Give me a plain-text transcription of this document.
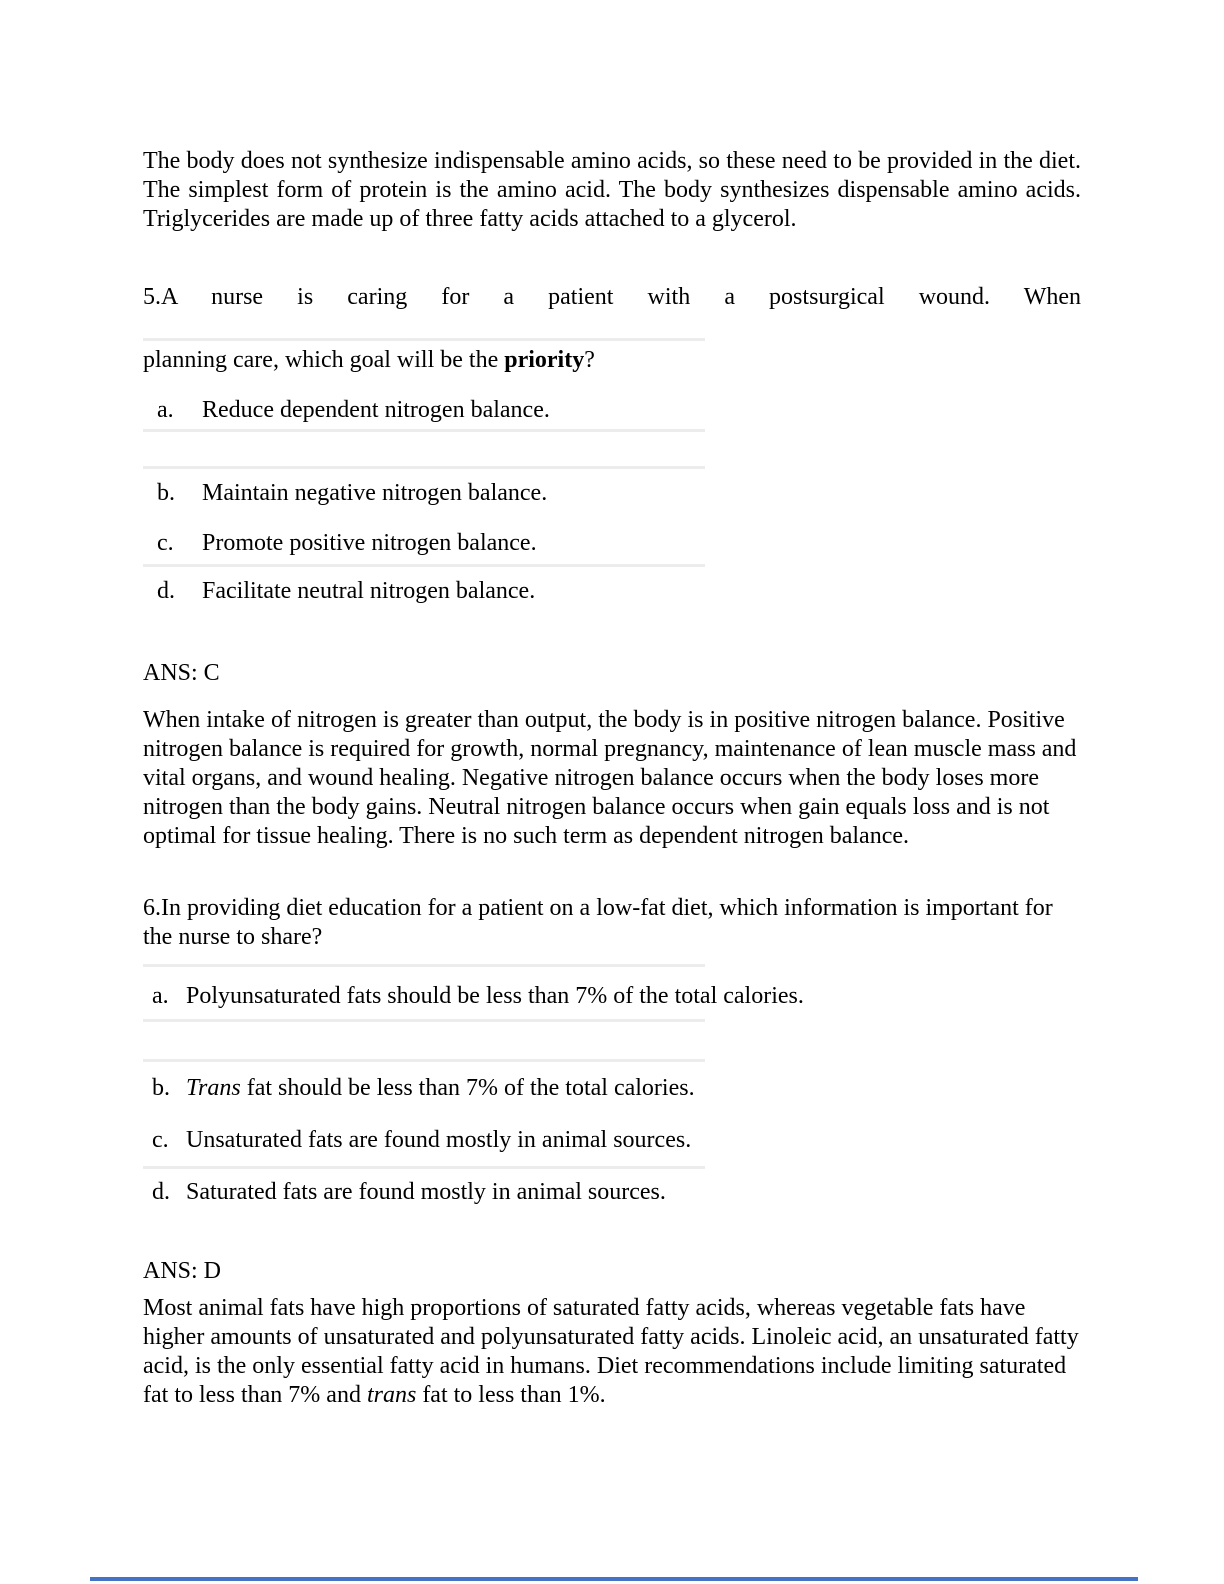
The body does not synthesize indispensable amino acids, so these need to be provided in the diet. The simplest form of protein is the amino acid. The body synthesizes dispensable amino acids. Triglycerides are made up of three fatty acids attached to a glycerol.
5.A nurse is caring for a patient with a postsurgical wound. When
planning care, which goal will be the priority?
a.	Reduce dependent nitrogen balance.
b.	Maintain negative nitrogen balance.
c.	Promote positive nitrogen balance.
d.	Facilitate neutral nitrogen balance.
ANS: C
When intake of nitrogen is greater than output, the body is in positive nitrogen balance. Positive nitrogen balance is required for growth, normal pregnancy, maintenance of lean muscle mass and vital organs, and wound healing. Negative nitrogen balance occurs when the body loses more nitrogen than the body gains. Neutral nitrogen balance occurs when gain equals loss and is not optimal for tissue healing. There is no such term as dependent nitrogen balance.
6.In providing diet education for a patient on a low-fat diet, which information is important for the nurse to share?
a. Polyunsaturated fats should be less than 7% of the total calories.
b. Trans fat should be less than 7% of the total calories.
c. Unsaturated fats are found mostly in animal sources.
d. Saturated fats are found mostly in animal sources.
ANS: D
Most animal fats have high proportions of saturated fatty acids, whereas vegetable fats have higher amounts of unsaturated and polyunsaturated fatty acids. Linoleic acid, an unsaturated fatty acid, is the only essential fatty acid in humans. Diet recommendations include limiting saturated fat to less than 7% and trans fat to less than 1%.
